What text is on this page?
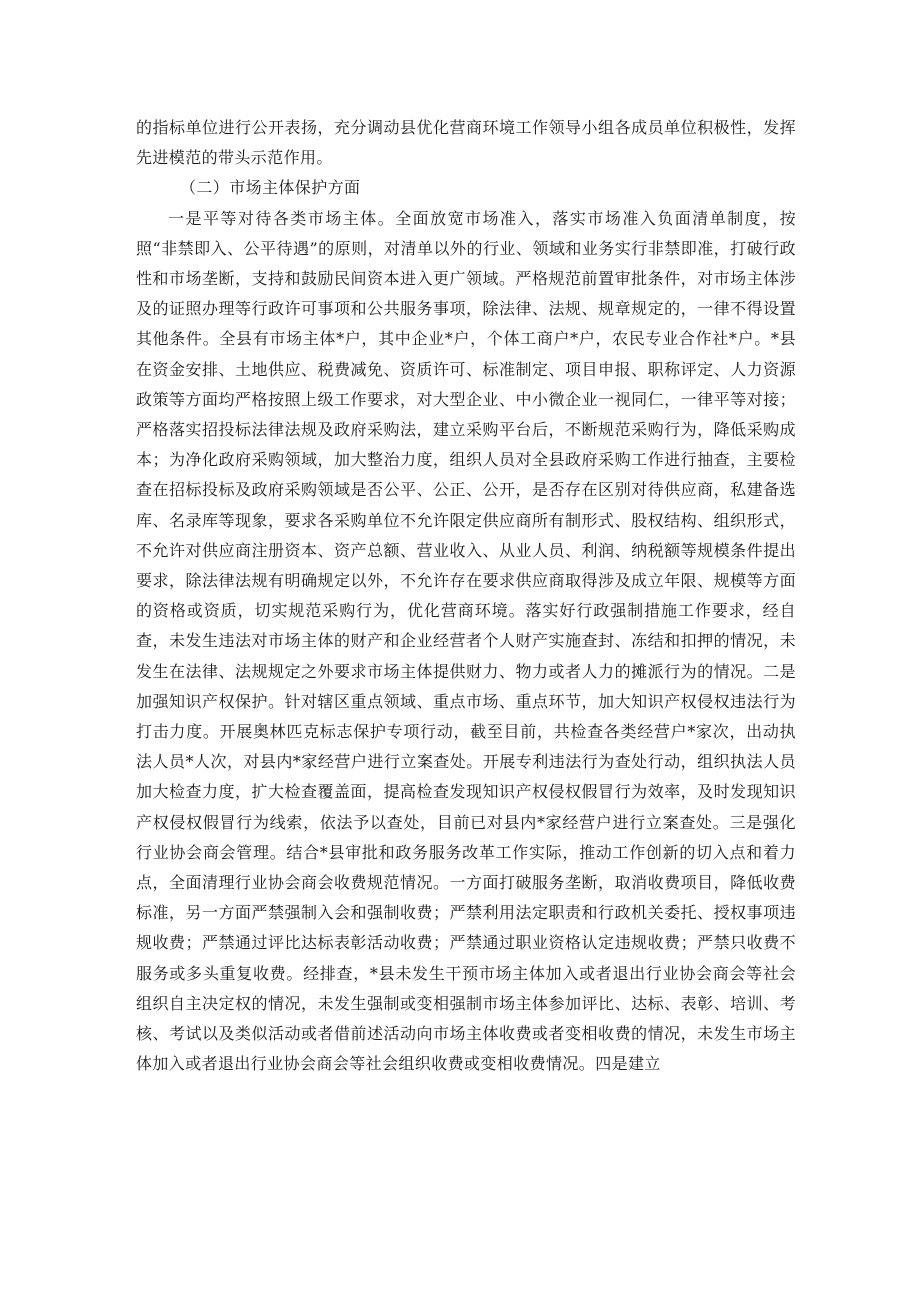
的指标单位进行公开表扬，充分调动县优化营商环境工作领导小组各成员单位积极性，发挥先进模范的带头示范作用。

（二）市场主体保护方面

一是平等对待各类市场主体。全面放宽市场准入，落实市场准入负面清单制度，按照“非禁即入、公平待遇”的原则，对清单以外的行业、领域和业务实行非禁即准，打破行政性和市场垄断，支持和鼓励民间资本进入更广领域。严格规范前置审批条件，对市场主体涉及的证照办理等行政许可事项和公共服务事项，除法律、法规、规章规定的，一律不得设置其他条件。全县有市场主体*户，其中企业*户，个体工商户*户，农民专业合作社*户。*县在资金安排、土地供应、税费减免、资质许可、标准制定、项目申报、职称评定、人力资源政策等方面均严格按照上级工作要求，对大型企业、中小微企业一视同仁，一律平等对接；严格落实招投标法律法规及政府采购法，建立采购平台后，不断规范采购行为，降低采购成本；为净化政府采购领域，加大整治力度，组织人员对全县政府采购工作进行抽查，主要检查在招标投标及政府采购领域是否公平、公正、公开，是否存在区别对待供应商，私建备选库、名录库等现象，要求各采购单位不允许限定供应商所有制形式、股权结构、组织形式，不允许对供应商注册资本、资产总额、营业收入、从业人员、利润、纳税额等规模条件提出要求，除法律法规有明确规定以外，不允许存在要求供应商取得涉及成立年限、规模等方面的资格或资质，切实规范采购行为，优化营商环境。落实好行政强制措施工作要求，经自查，未发生违法对市场主体的财产和企业经营者个人财产实施查封、冻结和扣押的情况，未发生在法律、法规规定之外要求市场主体提供财力、物力或者人力的摊派行为的情况。二是加强知识产权保护。针对辖区重点领域、重点市场、重点环节，加大知识产权侵权违法行为打击力度。开展奥林匹克标志保护专项行动，截至目前，共检查各类经营户*家次，出动执法人员*人次，对县内*家经营户进行立案查处。开展专利违法行为查处行动，组织执法人员加大检查力度，扩大检查覆盖面，提高检查发现知识产权侵权假冒行为效率，及时发现知识产权侵权假冒行为线索，依法予以查处，目前已对县内*家经营户进行立案查处。三是强化行业协会商会管理。结合*县审批和政务服务改革工作实际，推动工作创新的切入点和着力点，全面清理行业协会商会收费规范情况。一方面打破服务垄断，取消收费项目，降低收费标准，另一方面严禁强制入会和强制收费；严禁利用法定职责和行政机关委托、授权事项违规收费；严禁通过评比达标表彰活动收费；严禁通过职业资格认定违规收费；严禁只收费不服务或多头重复收费。经排查，*县未发生干预市场主体加入或者退出行业协会商会等社会组织自主决定权的情况，未发生强制或变相强制市场主体参加评比、达标、表彰、培训、考核、考试以及类似活动或者借前述活动向市场主体收费或者变相收费的情况，未发生市场主体加入或者退出行业协会商会等社会组织收费或变相收费情况。四是建立
